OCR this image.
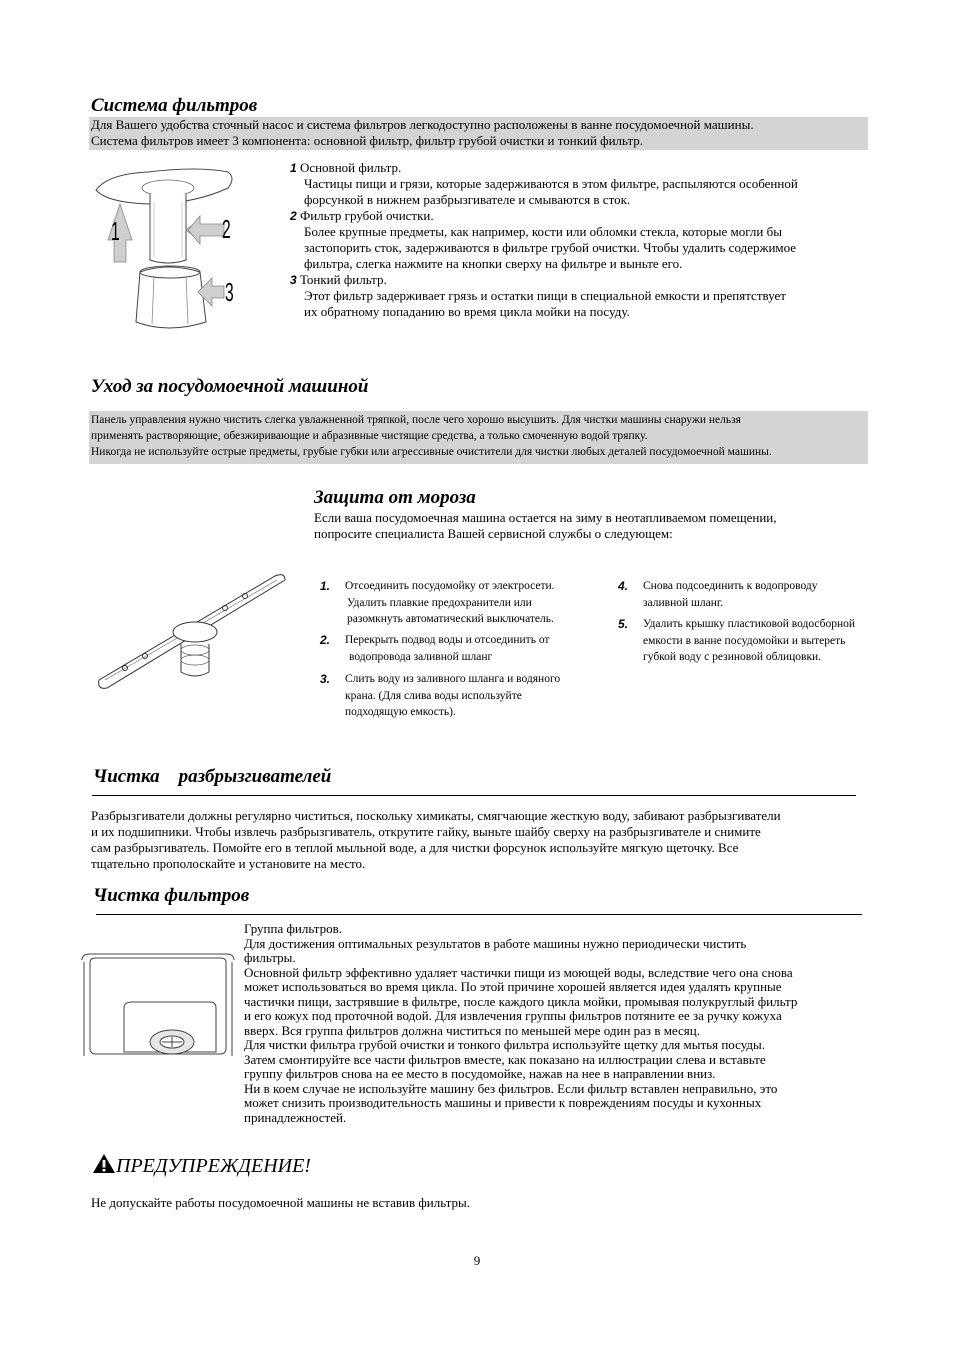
Система фильтров
Для Вашего удобства сточный насос и система фильтров легкодоступно расположены в ванне посудомоечной машины.
Система фильтров имеет 3 компонента: основной фильтр, фильтр грубой очистки и тонкий фильтр.
1	2
3
1 Основной фильтр.
Частицы пищи и грязи, которые задерживаются в этом фильтре, распыляются особенной
форсункой в нижнем разбрызгивателе и смываются в сток.
2 Фильтр грубой очистки.
Более крупные предметы, как например, кости или обломки стекла, которые могли бы
застопорить сток, задерживаются в фильтре грубой очистки. Чтобы удалить содержимое
фильтра, слегка нажмите на кнопки сверху на фильтре и выньте его.
3 Тонкий фильтр.
Этот фильтр задерживает грязь и остатки пищи в специальной емкости и препятствует
их обратному попаданию во время цикла мойки на посуду.
Уход за посудомоечной машиной
Панель управления нужно чистить слегка увлажненной тряпкой, после чего хорошо высушить. Для чистки машины снаружи нельзя
применять растворяющие, обезжиривающие и абразивные чистящие средства, а только смоченную водой тряпку.
Никогда не используйте острые предметы, грубые губки или агрессивные очистители для чистки любых деталей посудомоечной машины.
Защита от мороза
Если ваша посудомоечная машина остается на зиму в неотапливаемом помещении,
попросите специалиста Вашей сервисной службы о следующем:
1. Отсоединить посудомойку от электросети.
Удалить плавкие предохранители или
разомкнуть автоматический выключатель.
2. Перекрыть подвод воды и отсоединить от
водопровода заливной шланг
3. Слить воду из заливного шланга и водяного
крана. (Для слива воды используйте
подходящую емкость).
4. Снова подсоединить к водопроводу
заливной шланг.
5. Удалить крышку пластиковой водосборной
емкости в ванне посудомойки и вытереть
губкой воду с резиновой облицовки.
Чистка    разбрызгивателей
Разбрызгиватели должны регулярно чиститься, поскольку химикаты, смягчающие жесткую воду, забивают разбрызгиватели
и их подшипники. Чтобы извлечь разбрызгиватель, открутите гайку, выньте шайбу сверху на разбрызгивателе и снимите
сам разбрызгиватель. Помойте его в теплой мыльной воде, а для чистки форсунок используйте мягкую щеточку. Все
тщательно прополоскайте и установите на место.
Чистка фильтров
Группа фильтров.
Для достижения оптимальных результатов в работе машины нужно периодически чистить
фильтры.
Основной фильтр эффективно удаляет частички пищи из моющей воды, вследствие чего она снова
может использоваться во время цикла. По этой причине хорошей является идея удалять крупные
частички пищи, застрявшие в фильтре, после каждого цикла мойки, промывая полукруглый фильтр
и его кожух под проточной водой. Для извлечения группы фильтров потяните ее за ручку кожуха
вверх. Вся группа фильтров должна чиститься по меньшей мере один раз в месяц.
Для чистки фильтра грубой очистки и тонкого фильтра используйте щетку для мытья посуды.
Затем смонтируйте все части фильтров вместе, как показано на иллюстрации слева и вставьте
группу фильтров снова на ее место в посудомойке, нажав на нее в направлении вниз.
Ни в коем случае не используйте машину без фильтров. Если фильтр вставлен неправильно, это
может снизить производительность машины и привести к повреждениям посуды и кухонных
принадлежностей.
ПРЕДУПРЕЖДЕНИЕ!
Не допускайте работы посудомоечной машины не вставив фильтры.
9
